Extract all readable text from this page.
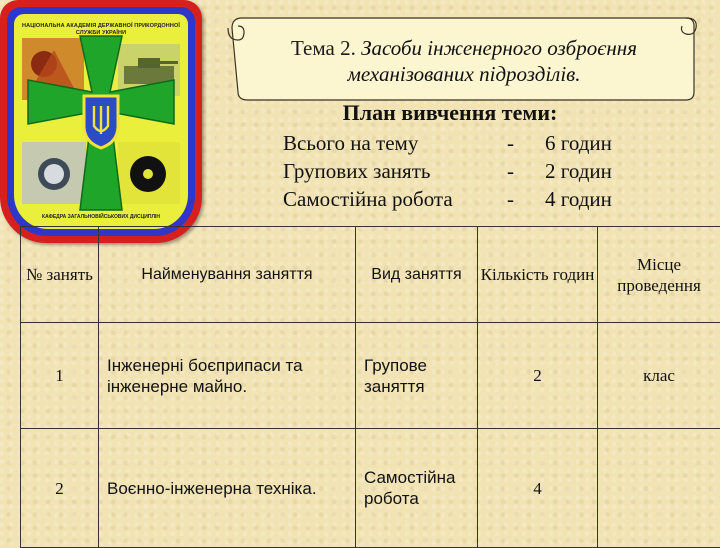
НАЦІОНАЛЬНА АКАДЕМІЯ ДЕРЖАВНОЇ ПРИКОРДОННОЇ СЛУЖБИ УКРАЇНИ
КАФЕДРА ЗАГАЛЬНОВІЙСЬКОВИХ ДИСЦИПЛІН
Тема 2. Засоби інженерного озброєння механізованих підрозділів.
План вивчення теми:
Всього на тему	- 6 годин
Групових занять	- 2 годин
Самостійна робота	- 4 годин
№ занять	Найменування заняття	Вид заняття	Кількість годин	Місце проведення
1	Інженерні боєприпаси та інженерне майно.	Групове заняття	2	клас
2	Воєнно-інженерна техніка.	Самостійна робота	4	
